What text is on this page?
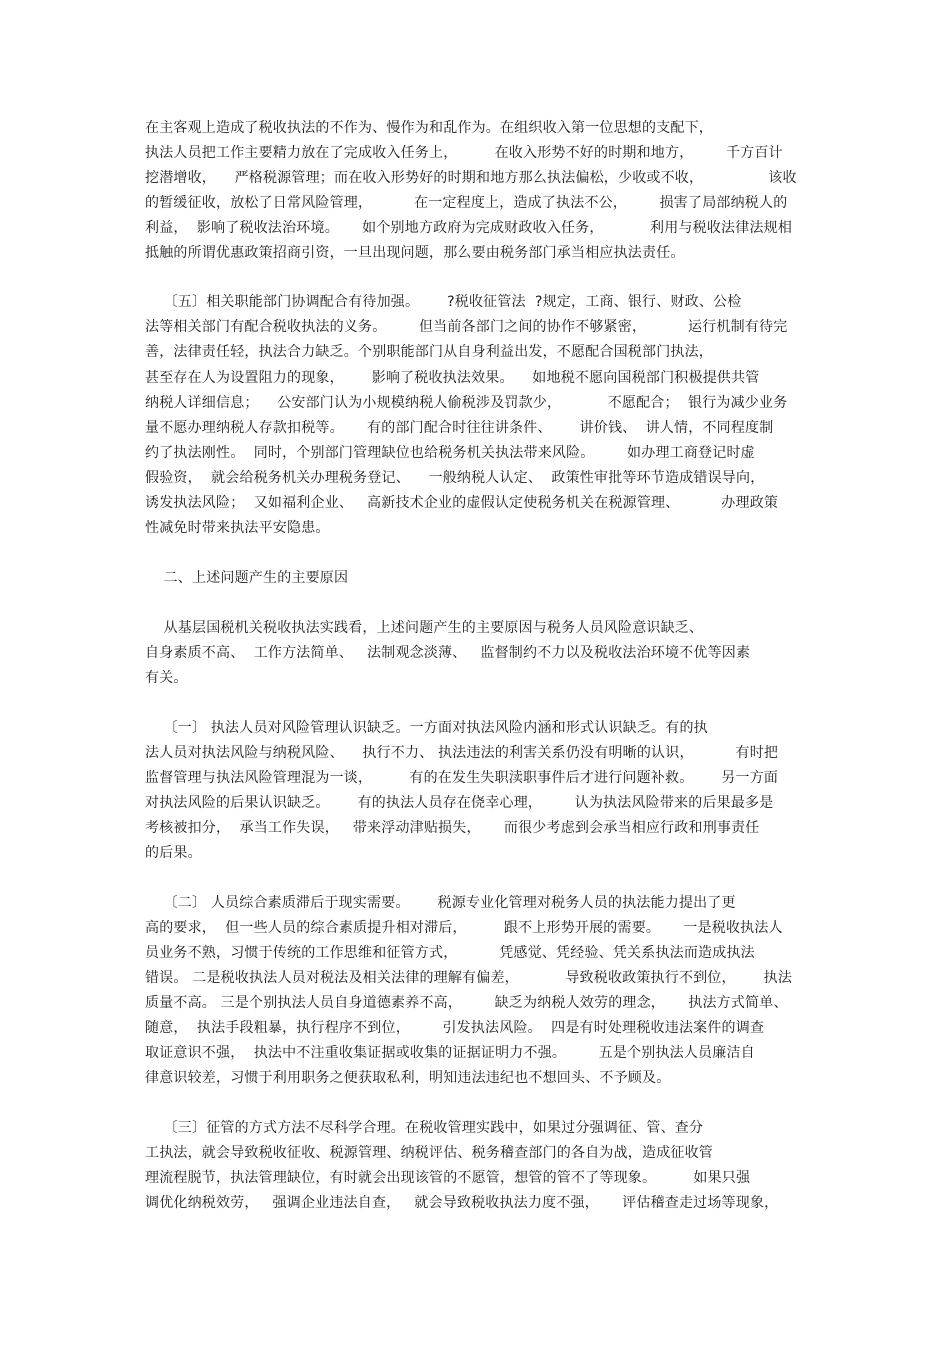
在主客观上造成了税收执法的不作为、慢作为和乱作为。在组织收入第一位思想的支配下，
执法人员把工作主要精力放在了完成收入任务上，        在收入形势不好的时期和地方，       千方百计
挖潜增收，    严格税源管理；而在收入形势好的时期和地方那么执法偏松，少收或不收，              该收
的暂缓征收，放松了日常风险管理，         在一定程度上，造成了执法不公，       损害了局部纳税人的
利益，  影响了税收法治环境。     如个别地方政府为完成财政收入任务，          利用与税收法律法规相
抵触的所谓优惠政策招商引资，一旦出现问题，那么要由税务部门承当相应执法责任。
〔五〕相关职能部门协调配合有待加强。      ?税收征管法  ?规定，工商、银行、财政、公检
法等相关部门有配合税收执法的义务。       但当前各部门之间的协作不够紧密，         运行机制有待完
善，法律责任轻，执法合力缺乏。个别职能部门从自身利益出发，不愿配合国税部门执法，
甚至存在人为设置阻力的现象，      影响了税收执法效果。    如地税不愿向国税部门积极提供共管
纳税人详细信息；    公安部门认为小规模纳税人偷税涉及罚款少，          不愿配合；  银行为减少业务
量不愿办理纳税人存款扣税等。     有的部门配合时往往讲条件、      讲价钱、  讲人情，不同程度制
约了执法刚性。  同时，个别部门管理缺位也给税务机关执法带来风险。       如办理工商登记时虚
假验资，  就会给税务机关办理税务登记、    一般纳税人认定、  政策性审批等环节造成错误导向，
诱发执法风险；  又如福利企业、   高新技术企业的虚假认定使税务机关在税源管理、         办理政策
性减免时带来执法平安隐患。
二、上述问题产生的主要原因
从基层国税机关税收执法实践看，上述问题产生的主要原因与税务人员风险意识缺乏、
自身素质不高、  工作方法简单、   法制观念淡薄、   监督制约不力以及税收法治环境不优等因素
有关。
〔一〕 执法人员对风险管理认识缺乏。一方面对执法风险内涵和形式认识缺乏。有的执
法人员对执法风险与纳税风险、    执行不力、 执法违法的利害关系仍没有明晰的认识，         有时把
监督管理与执法风险管理混为一谈，        有的在发生失职渎职事件后才进行问题补救。      另一方面
对执法风险的后果认识缺乏。      有的执法人员存在侥幸心理，       认为执法风险带来的后果最多是
考核被扣分，  承当工作失误，   带来浮动津贴损失，     而很少考虑到会承当相应行政和刑事责任
的后果。
〔二〕 人员综合素质滞后于现实需要。      税源专业化管理对税务人员的执法能力提出了更
高的要求，  但一些人员的综合素质提升相对滞后，        跟不上形势开展的需要。     一是税收执法人
员业务不熟，习惯于传统的工作思维和征管方式，         凭感觉、凭经验、凭关系执法而造成执法
错误。 二是税收执法人员对税法及相关法律的理解有偏差，          导致税收政策执行不到位，      执法
质量不高。 三是个别执法人员自身道德素养不高，       缺乏为纳税人效劳的理念，     执法方式简单、
随意，  执法手段粗暴，执行程序不到位，       引发执法风险。  四是有时处理税收违法案件的调查
取证意识不强，  执法中不注重收集证据或收集的证据证明力不强。       五是个别执法人员廉洁自
律意识较差，习惯于利用职务之便获取私利，明知违法违纪也不想回头、不予顾及。
〔三〕征管的方式方法不尽科学合理。在税收管理实践中，如果过分强调征、管、查分
工执法，就会导致税收征收、税源管理、纳税评估、税务稽查部门的各自为战，造成征收管
理流程脱节，执法管理缺位，有时就会出现该管的不愿管，想管的管不了等现象。        如果只强
调优化纳税效劳，   强调企业违法自查，   就会导致税收执法力度不强，     评估稽查走过场等现象，
